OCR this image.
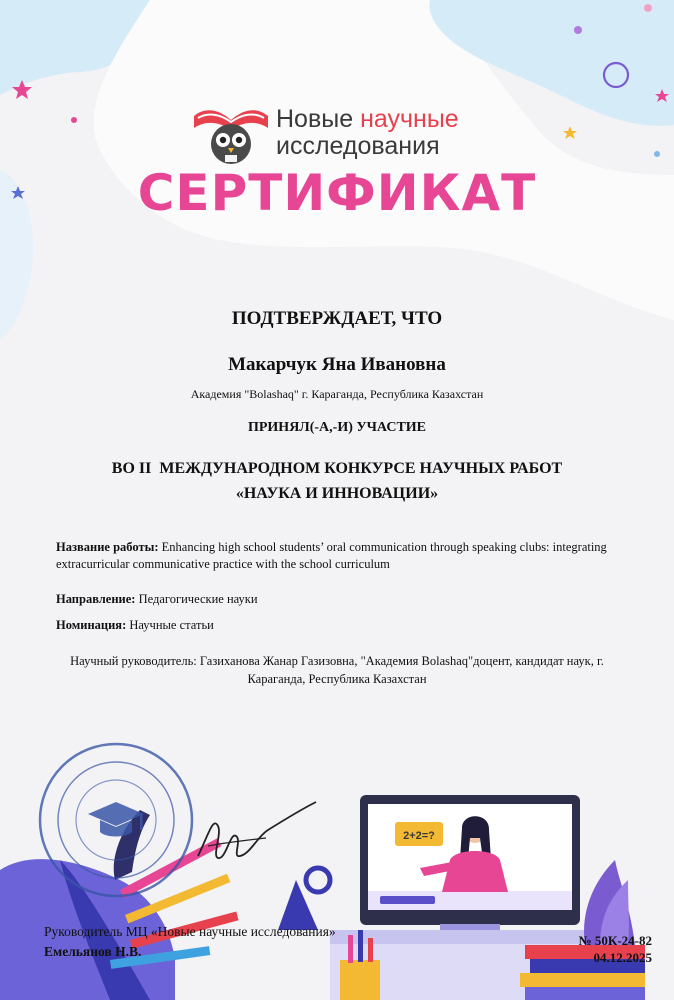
2+2=?
Новые научные
исследования
СЕРТИФИКАТ
ПОДТВЕРЖДАЕТ, ЧТО
Макарчук Яна Ивановна
Академия "Bolashaq" г. Караганда, Республика Казахстан
ПРИНЯЛ(-А,-И) УЧАСТИЕ
ВО II  МЕЖДУНАРОДНОМ КОНКУРСЕ НАУЧНЫХ РАБОТ
«НАУКА И ИННОВАЦИИ»
Название работы: Enhancing high school students’ oral communication through speaking clubs: integrating extracurricular communicative practice with the school curriculum
Направление: Педагогические науки
Номинация: Научные статьи
Научный руководитель: Газиханова Жанар Газизовна, "Академия Bolashaq"доцент, кандидат наук, г. Караганда, Республика Казахстан
Руководитель МЦ «Новые научные исследования»
Емельянов Н.В.
№ 50К-24-82
04.12.2025
